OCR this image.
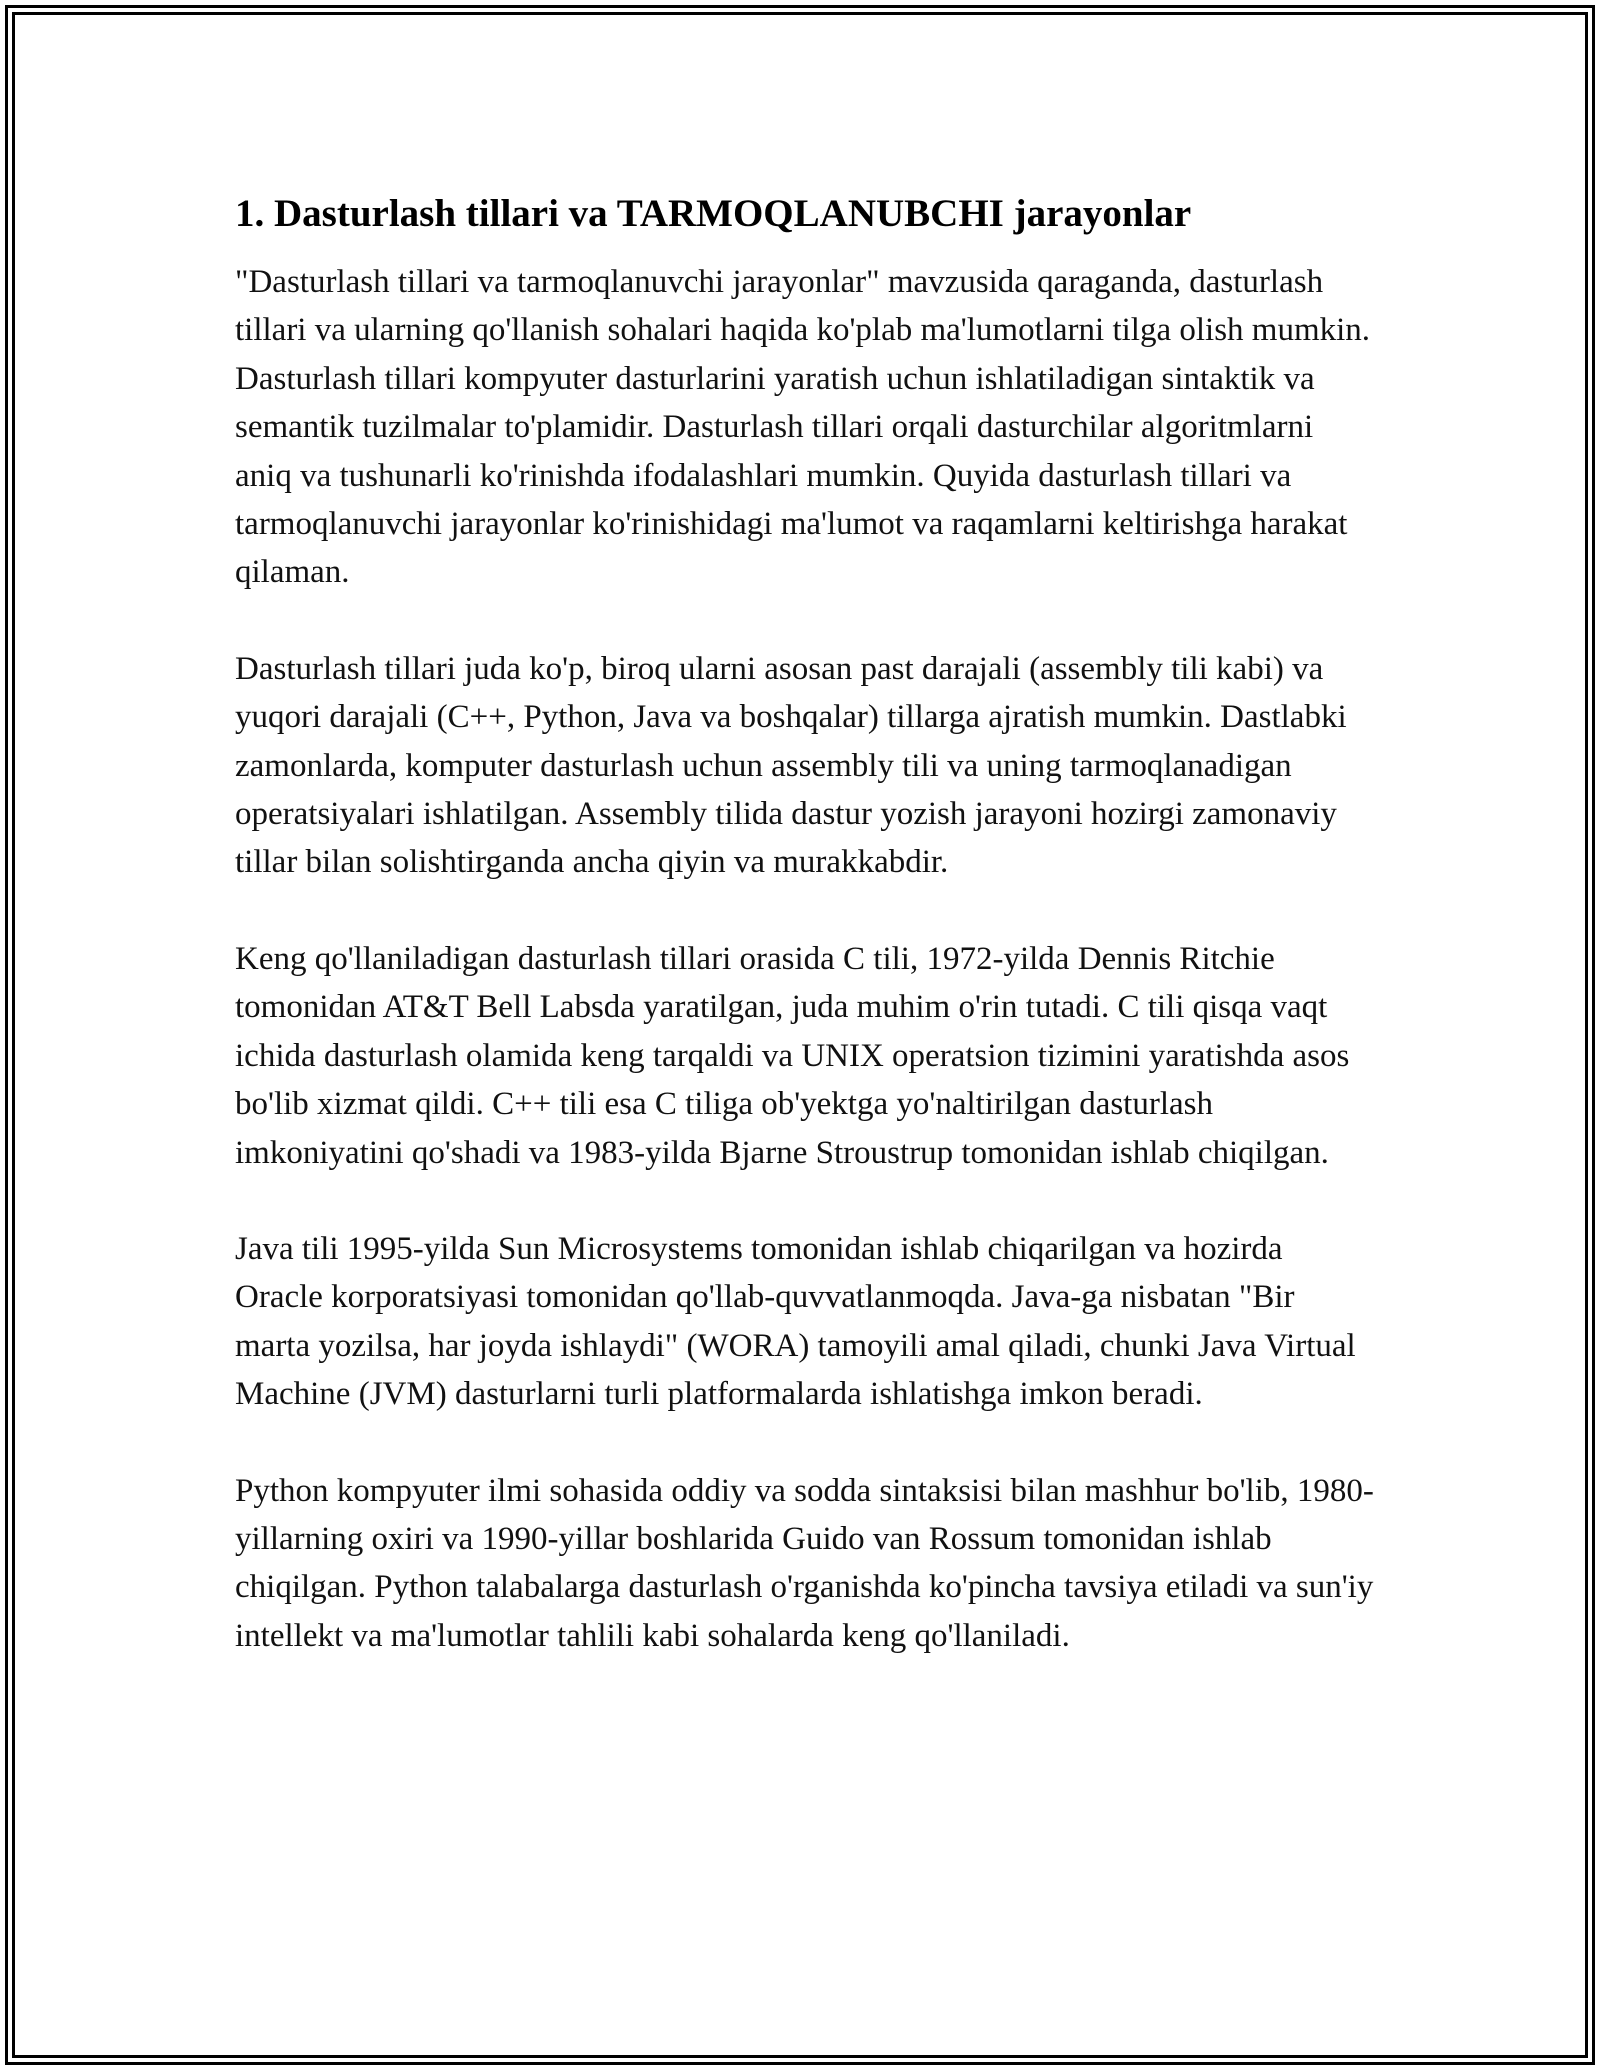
1. Dasturlash tillari va TARMOQLANUBCHI jarayonlar

"Dasturlash tillari va tarmoqlanuvchi jarayonlar" mavzusida qaraganda, dasturlash tillari va ularning qo'llanish sohalari haqida ko'plab ma'lumotlarni tilga olish mumkin. Dasturlash tillari kompyuter dasturlarini yaratish uchun ishlatiladigan sintaktik va semantik tuzilmalar to'plamidir. Dasturlash tillari orqali dasturchilar algoritmlarni aniq va tushunarli ko'rinishda ifodalashlari mumkin. Quyida dasturlash tillari va tarmoqlanuvchi jarayonlar ko'rinishidagi ma'lumot va raqamlarni keltirishga harakat qilaman.

Dasturlash tillari juda ko'p, biroq ularni asosan past darajali (assembly tili kabi) va yuqori darajali (C++, Python, Java va boshqalar) tillarga ajratish mumkin. Dastlabki zamonlarda, komputer dasturlash uchun assembly tili va uning tarmoqlanadigan operatsiyalari ishlatilgan. Assembly tilida dastur yozish jarayoni hozirgi zamonaviy tillar bilan solishtirganda ancha qiyin va murakkabdir.

Keng qo'llaniladigan dasturlash tillari orasida C tili, 1972-yilda Dennis Ritchie tomonidan AT&T Bell Labsda yaratilgan, juda muhim o'rin tutadi. C tili qisqa vaqt ichida dasturlash olamida keng tarqaldi va UNIX operatsion tizimini yaratishda asos bo'lib xizmat qildi. C++ tili esa C tiliga ob'yektga yo'naltirilgan dasturlash imkoniyatini qo'shadi va 1983-yilda Bjarne Stroustrup tomonidan ishlab chiqilgan.

Java tili 1995-yilda Sun Microsystems tomonidan ishlab chiqarilgan va hozirda Oracle korporatsiyasi tomonidan qo'llab-quvvatlanmoqda. Java-ga nisbatan "Bir marta yozilsa, har joyda ishlaydi" (WORA) tamoyili amal qiladi, chunki Java Virtual Machine (JVM) dasturlarni turli platformalarda ishlatishga imkon beradi.

Python kompyuter ilmi sohasida oddiy va sodda sintaksisi bilan mashhur bo'lib, 1980-yillarning oxiri va 1990-yillar boshlarida Guido van Rossum tomonidan ishlab chiqilgan. Python talabalarga dasturlash o'rganishda ko'pincha tavsiya etiladi va sun'iy intellekt va ma'lumotlar tahlili kabi sohalarda keng qo'llaniladi.
